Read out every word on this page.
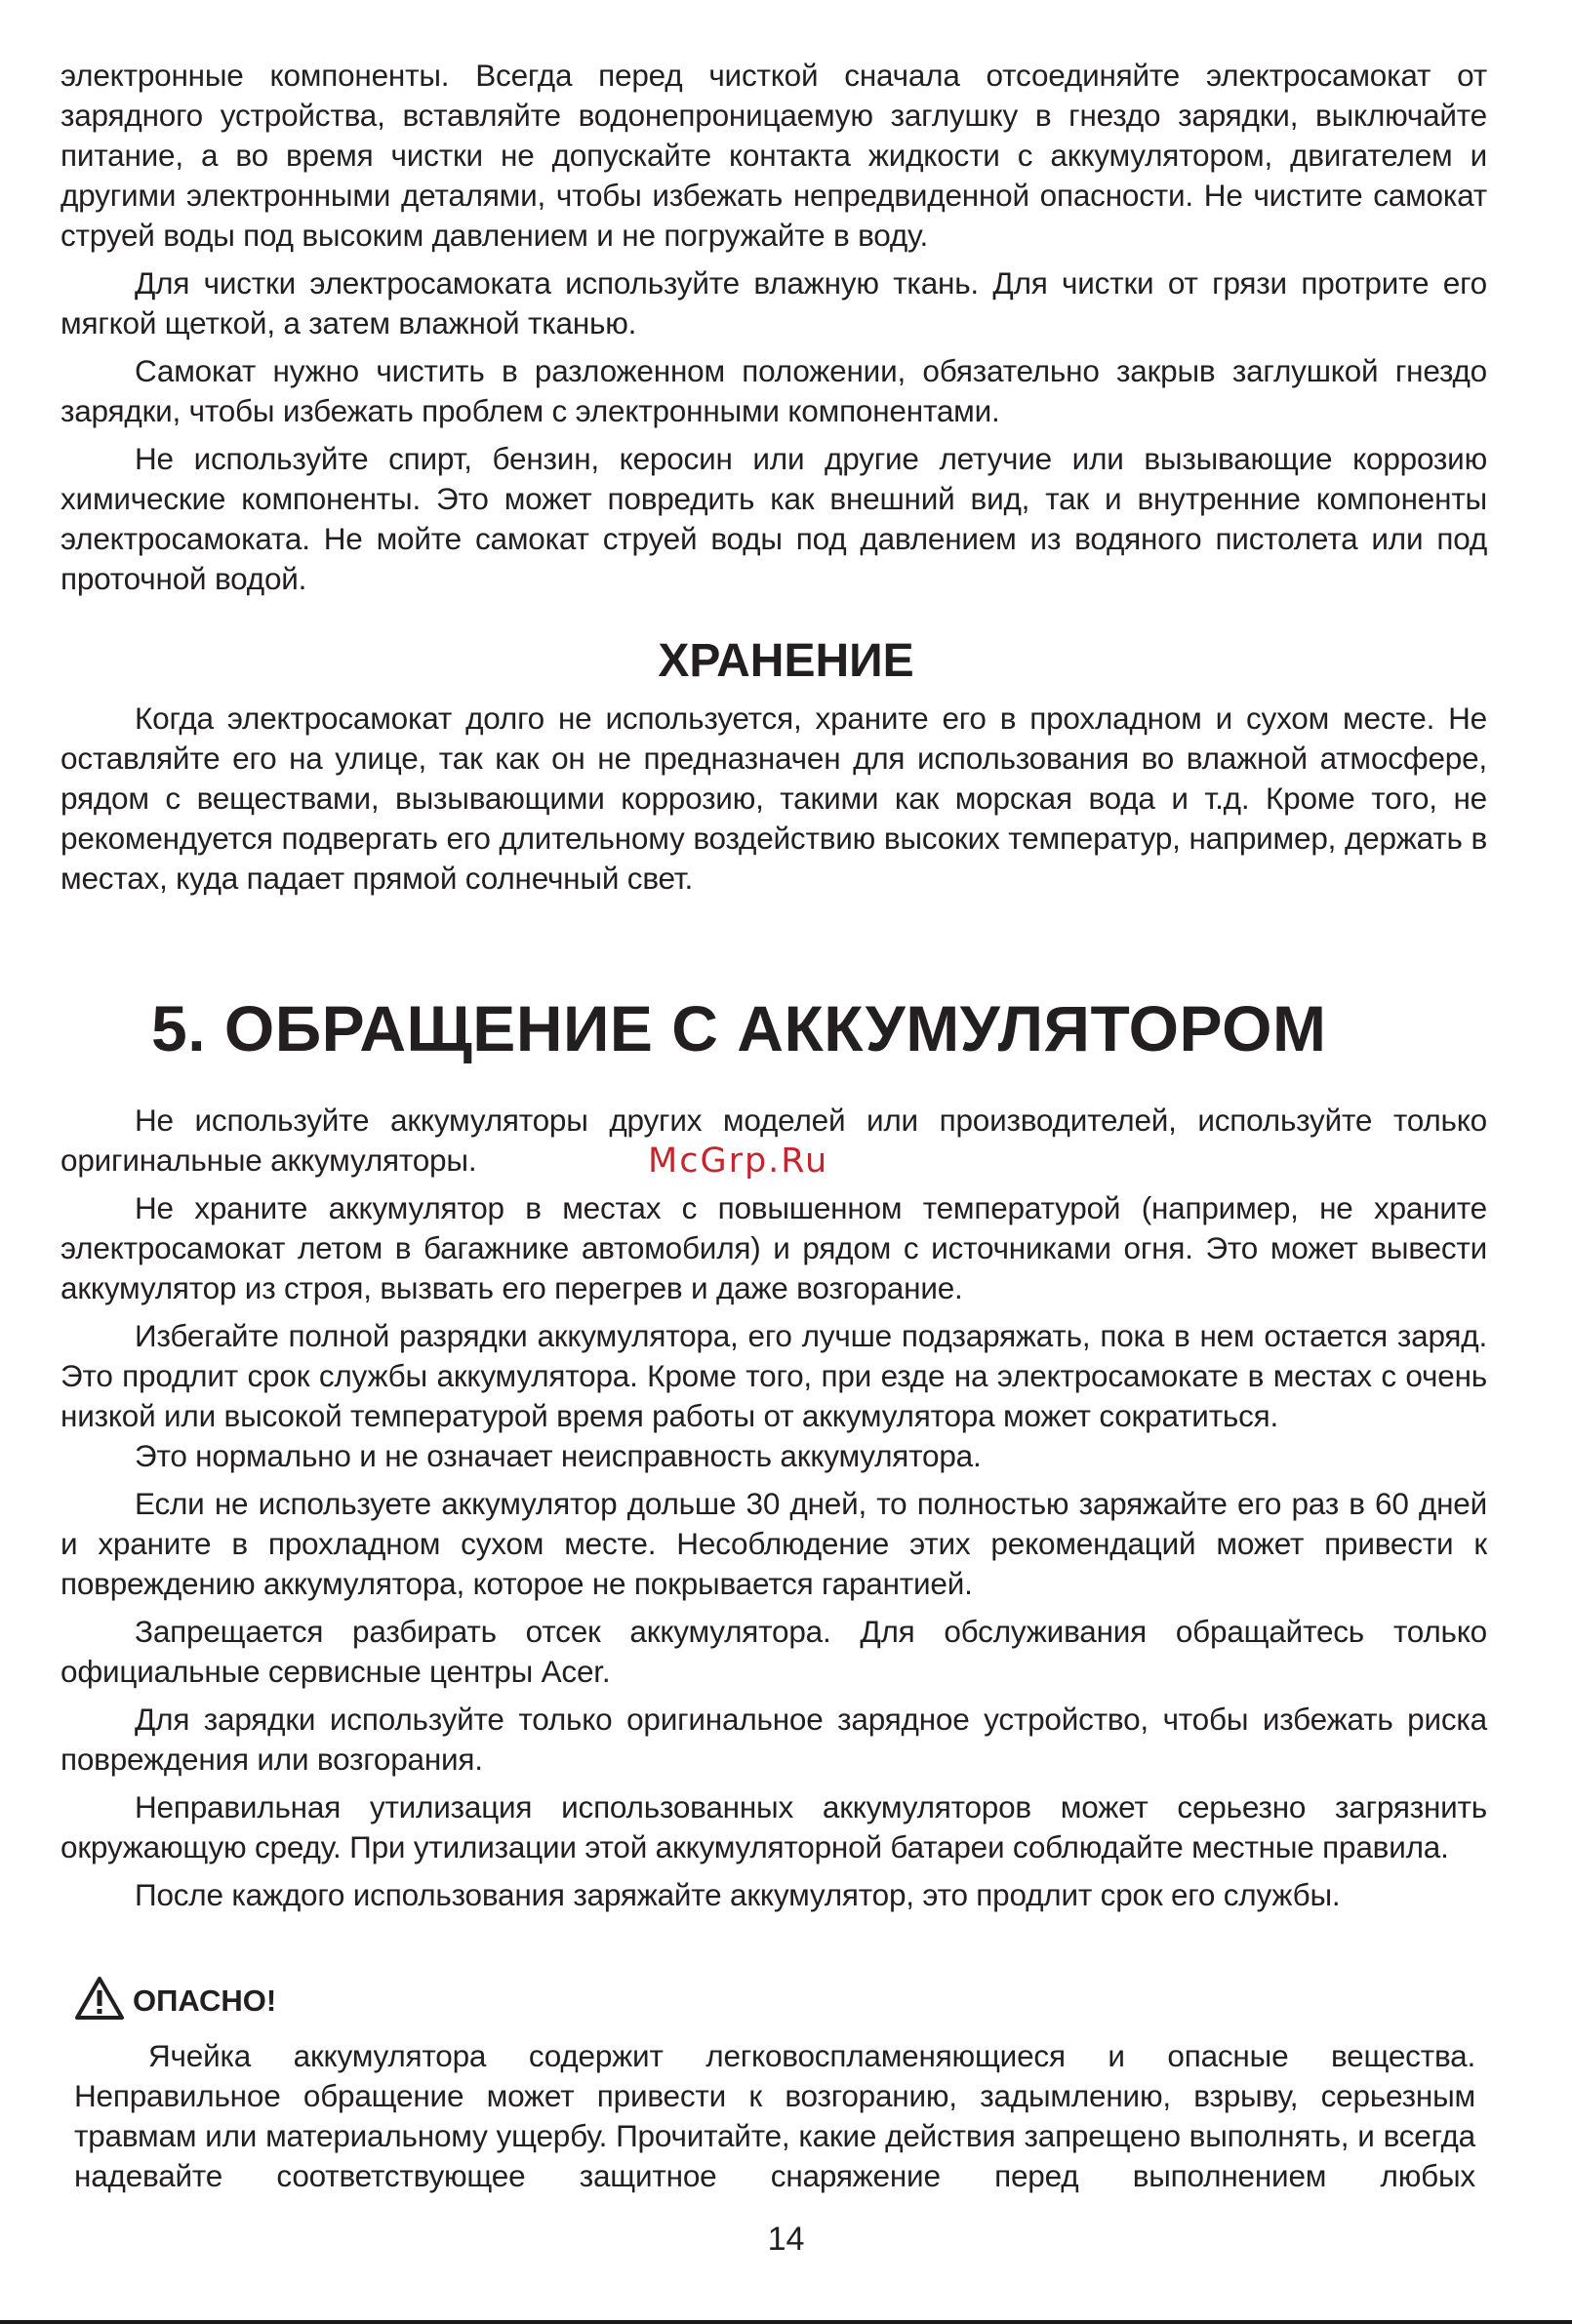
электронные компоненты. Всегда перед чисткой сначала отсоединяйте электросамокат от зарядного устройства, вставляйте водонепроницаемую заглушку в гнездо зарядки, выключайте питание, а во время чистки не допускайте контакта жидкости с аккумулятором, двигателем и другими электронными деталями, чтобы избежать непредвиденной опасности. Не чистите самокат струей воды под высоким давлением и не погружайте в воду.

Для чистки электросамоката используйте влажную ткань. Для чистки от грязи протрите его мягкой щеткой, а затем влажной тканью.

Самокат нужно чистить в разложенном положении, обязательно закрыв заглушкой гнездо зарядки, чтобы избежать проблем с электронными компонентами.

Не используйте спирт, бензин, керосин или другие летучие или вызывающие коррозию химические компоненты. Это может повредить как внешний вид, так и внутренние компоненты электросамоката. Не мойте самокат струей воды под давлением из водяного пистолета или под проточной водой.

ХРАНЕНИЕ

Когда электросамокат долго не используется, храните его в прохладном и сухом месте. Не оставляйте его на улице, так как он не предназначен для использования во влажной атмосфере, рядом с веществами, вызывающими коррозию, такими как морская вода и т.д. Кроме того, не рекомендуется подвергать его длительному воздействию высоких температур, например, держать в местах, куда падает прямой солнечный свет.

5. ОБРАЩЕНИЕ С АККУМУЛЯТОРОМ

Не используйте аккумуляторы других моделей или производителей, используйте только оригинальные аккумуляторы.

Не храните аккумулятор в местах с повышенном температурой (например, не храните электросамокат летом в багажнике автомобиля) и рядом с источниками огня. Это может вывести аккумулятор из строя, вызвать его перегрев и даже возгорание.

Избегайте полной разрядки аккумулятора, его лучше подзаряжать, пока в нем остается заряд. Это продлит срок службы аккумулятора. Кроме того, при езде на электросамокате в местах с очень низкой или высокой температурой время работы от аккумулятора может сократиться.

Это нормально и не означает неисправность аккумулятора.

Если не используете аккумулятор дольше 30 дней, то полностью заряжайте его раз в 60 дней и храните в прохладном сухом месте. Несоблюдение этих рекомендаций может привести к повреждению аккумулятора, которое не покрывается гарантией.

Запрещается разбирать отсек аккумулятора. Для обслуживания обращайтесь только официальные сервисные центры Acer.

Для зарядки используйте только оригинальное зарядное устройство, чтобы избежать риска повреждения или возгорания.

Неправильная утилизация использованных аккумуляторов может серьезно загрязнить окружающую среду. При утилизации этой аккумуляторной батареи соблюдайте местные правила.

После каждого использования заряжайте аккумулятор, это продлит срок его службы.

McGrp.Ru
ОПАСНО!

Ячейка аккумулятора содержит легковоспламеняющиеся и опасные вещества. Неправильное обращение может привести к возгоранию, задымлению, взрыву, серьезным травмам или материальному ущербу. Прочитайте, какие действия запрещено выполнять, и всегда надевайте соответствующее защитное снаряжение перед выполнением любых

14
